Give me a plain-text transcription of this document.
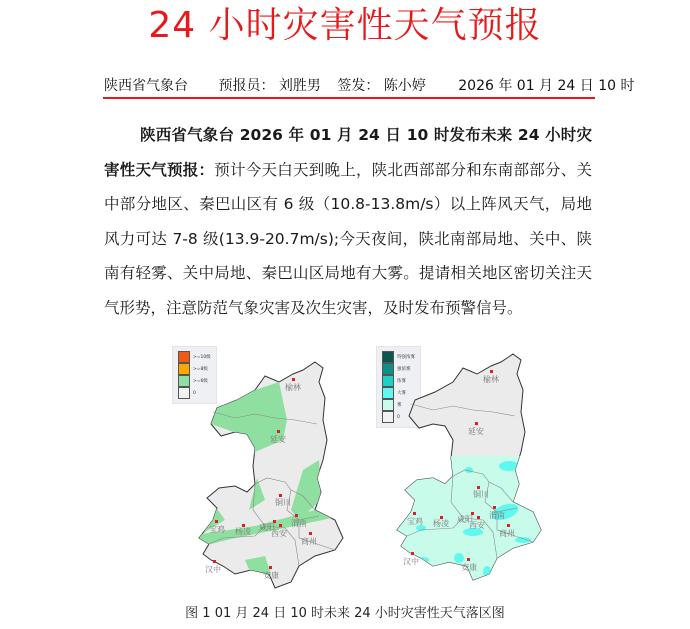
24 小时灾害性天气预报
陕西省气象台 预报员： 刘胜男 签发： 陈小婷 2026 年 01 月 24 日 10 时
陕西省气象台 2026 年 01 月 24 日 10 时发布未来 24 小时灾害性天气预报：预计今天白天到晚上，陕北西部部分和东南部部分、关中部分地区、秦巴山区有 6 级（10.8-13.8m/s）以上阵风天气，局地风力可达 7-8 级(13.9-20.7m/s);今天夜间，陕北南部局地、关中、陕南有轻雾、关中局地、秦巴山区局地有大雾。提请相关地区密切关注天气形势，注意防范气象灾害及次生灾害，及时发布预警信号。
>=10级
>=8级
>=6级
0
榆林
延安
铜川
宝鸡 杨凌 咸阳
西安
渭南
商州
汉中
安康
特强浓雾
强浓雾
浓雾
大雾
雾
0
榆林
延安
铜川
宝鸡 杨凌 咸阳
西安
渭南
商州
汉中
安康
图 1 01 月 24 日 10 时未来 24 小时灾害性天气落区图
